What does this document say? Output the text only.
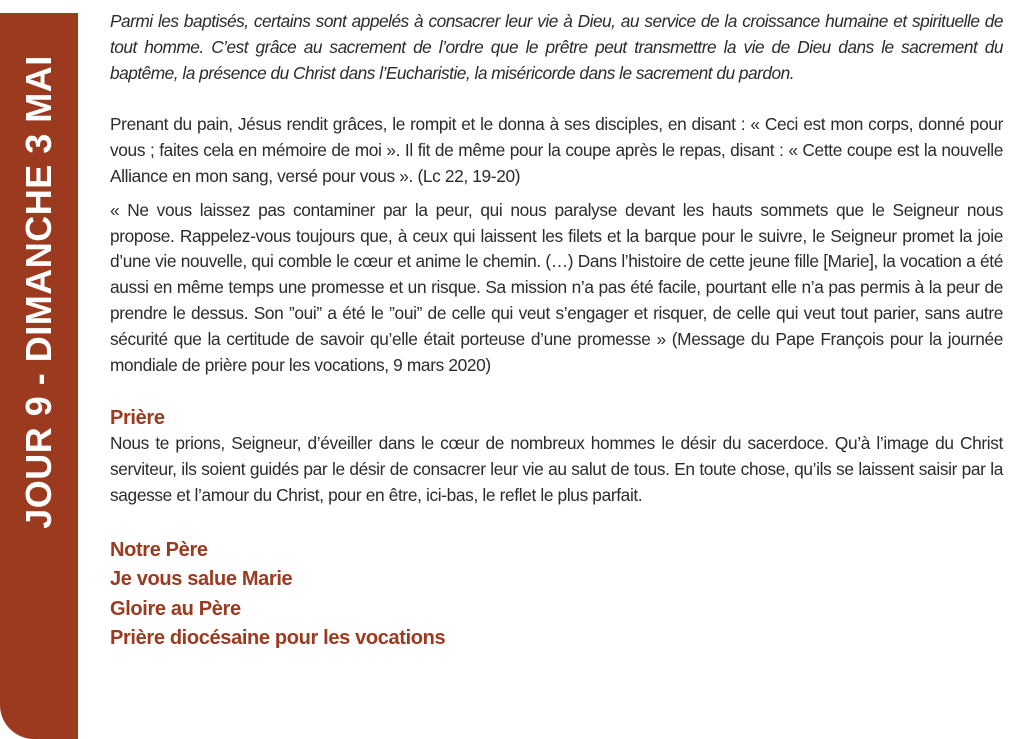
JOUR 9 - DIMANCHE 3 MAI

Parmi les baptisés, certains sont appelés à consacrer leur vie à Dieu, au service de la croissance humaine et spirituelle de tout homme. C’est grâce au sacrement de l’ordre que le prêtre peut transmettre la vie de Dieu dans le sacrement du baptême, la présence du Christ dans l’Eucharistie, la miséricorde dans le sacrement du pardon.

Prenant du pain, Jésus rendit grâces, le rompit et le donna à ses disciples, en disant : « Ceci est mon corps, donné pour vous ; faites cela en mémoire de moi ». Il fit de même pour la coupe après le repas, disant : « Cette coupe est la nouvelle Alliance en mon sang, versé pour vous ». (Lc 22, 19-20)

« Ne vous laissez pas contaminer par la peur, qui nous paralyse devant les hauts sommets que le Seigneur nous propose. Rappelez-vous toujours que, à ceux qui laissent les filets et la barque pour le suivre, le Seigneur promet la joie d’une vie nouvelle, qui comble le cœur et anime le chemin. (…) Dans l’histoire de cette jeune fille [Marie], la vocation a été aussi en même temps une promesse et un risque. Sa mission n’a pas été facile, pourtant elle n’a pas permis à la peur de prendre le dessus. Son ”oui” a été le ”oui” de celle qui veut s’engager et risquer, de celle qui veut tout parier, sans autre sécurité que la certitude de savoir qu’elle était porteuse d’une promesse » (Message du Pape François pour la journée mondiale de prière pour les vocations, 9 mars 2020)

Prière

Nous te prions, Seigneur, d’éveiller dans le cœur de nombreux hommes le désir du sacerdoce. Qu’à l’image du Christ serviteur, ils soient guidés par le désir de consacrer leur vie au salut de tous. En toute chose, qu’ils se laissent saisir par la sagesse et l’amour du Christ, pour en être, ici-bas, le reflet le plus parfait.

Notre Père
Je vous salue Marie
Gloire au Père
Prière diocésaine pour les vocations
